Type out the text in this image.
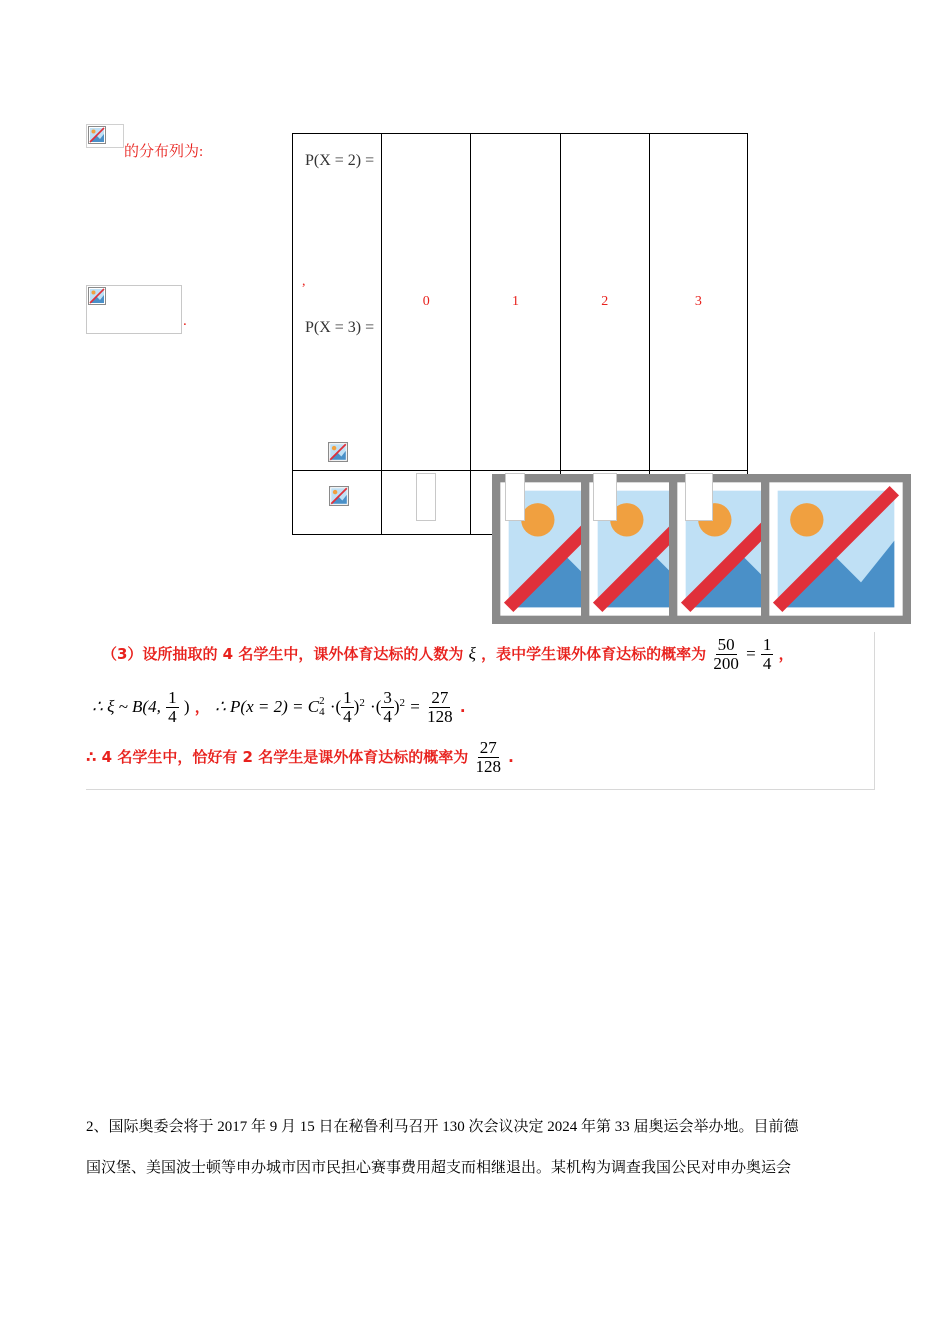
的分布列为:
.
P(X = 2) =
,
P(X = 3) =	0	1	2	3

（3）设所抽取的 4 名学生中，课外体育达标的人数为 ξ ，表中学生课外体育达标的概率为 $\frac{50}{200} = \frac{1}{4}$ ，
∴ ξ ~ B(4, $\frac{1}{4}$ ) ， ∴ P(x = 2) = C 2
4 ·( $\frac{1}{4} )^2$ ·( $\frac{3}{4} )^2 = \frac{27}{128}$ .
∴ 4 名学生中，恰好有 2 名学生是课外体育达标的概率为 $\frac{27}{128}$ .
2、国际奥委会将于 2017 年 9 月 15 日在秘鲁利马召开 130 次会议决定 2024 年第 33 届奥运会举办地。目前德
国汉堡、美国波士顿等申办城市因市民担心赛事费用超支而相继退出。某机构为调查我国公民对申办奥运会
